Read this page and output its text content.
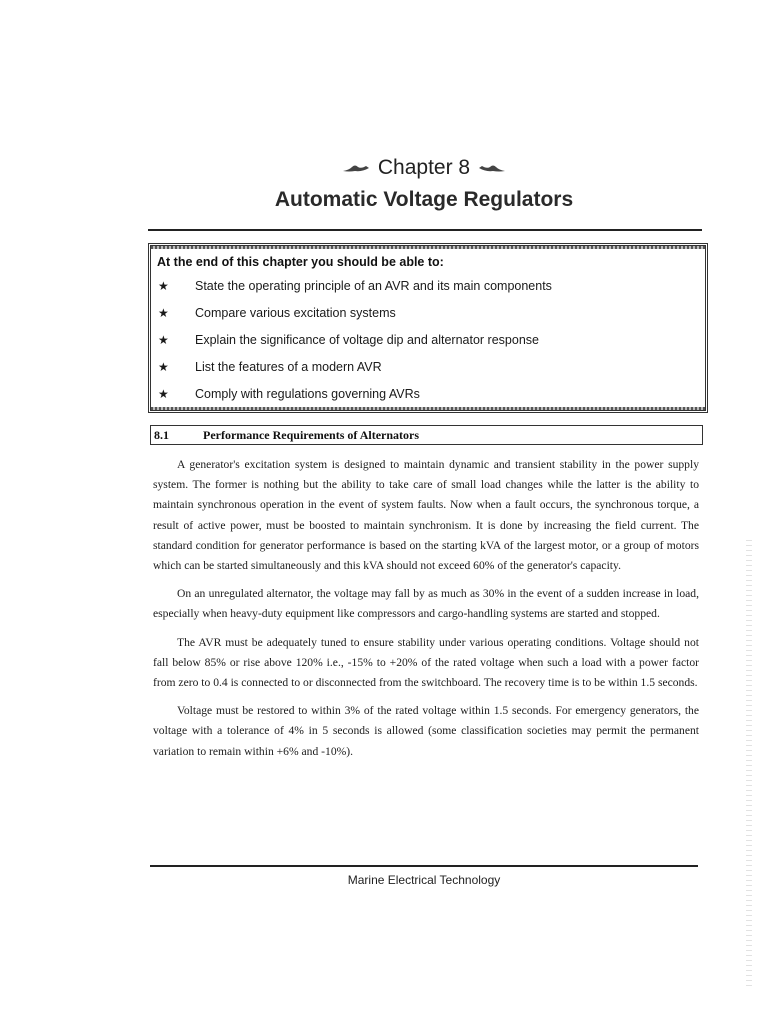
Chapter 8
Automatic Voltage Regulators
At the end of this chapter you should be able to:
★ State the operating principle of an AVR and its main components
★ Compare various excitation systems
★ Explain the significance of voltage dip and alternator response
★ List the features of a modern AVR
★ Comply with regulations governing AVRs
8.1	Performance Requirements of Alternators

A generator's excitation system is designed to maintain dynamic and transient stability in the power supply system. The former is nothing but the ability to take care of small load changes while the latter is the ability to maintain synchronous operation in the event of system faults. Now when a fault occurs, the synchronous torque, a result of active power, must be boosted to maintain synchronism. It is done by increasing the field current. The standard condition for generator performance is based on the starting kVA of the largest motor, or a group of motors which can be started simultaneously and this kVA should not exceed 60% of the generator's capacity.

On an unregulated alternator, the voltage may fall by as much as 30% in the event of a sudden increase in load, especially when heavy-duty equipment like compressors and cargo-handling systems are started and stopped.

The AVR must be adequately tuned to ensure stability under various operating conditions. Voltage should not fall below 85% or rise above 120% i.e., -15% to +20% of the rated voltage when such a load with a power factor from zero to 0.4 is connected to or disconnected from the switchboard. The recovery time is to be within 1.5 seconds.

Voltage must be restored to within 3% of the rated voltage within 1.5 seconds. For emergency generators, the voltage with a tolerance of 4% in 5 seconds is allowed (some classification societies may permit the permanent variation to remain within +6% and -10%).

Marine Electrical Technology
